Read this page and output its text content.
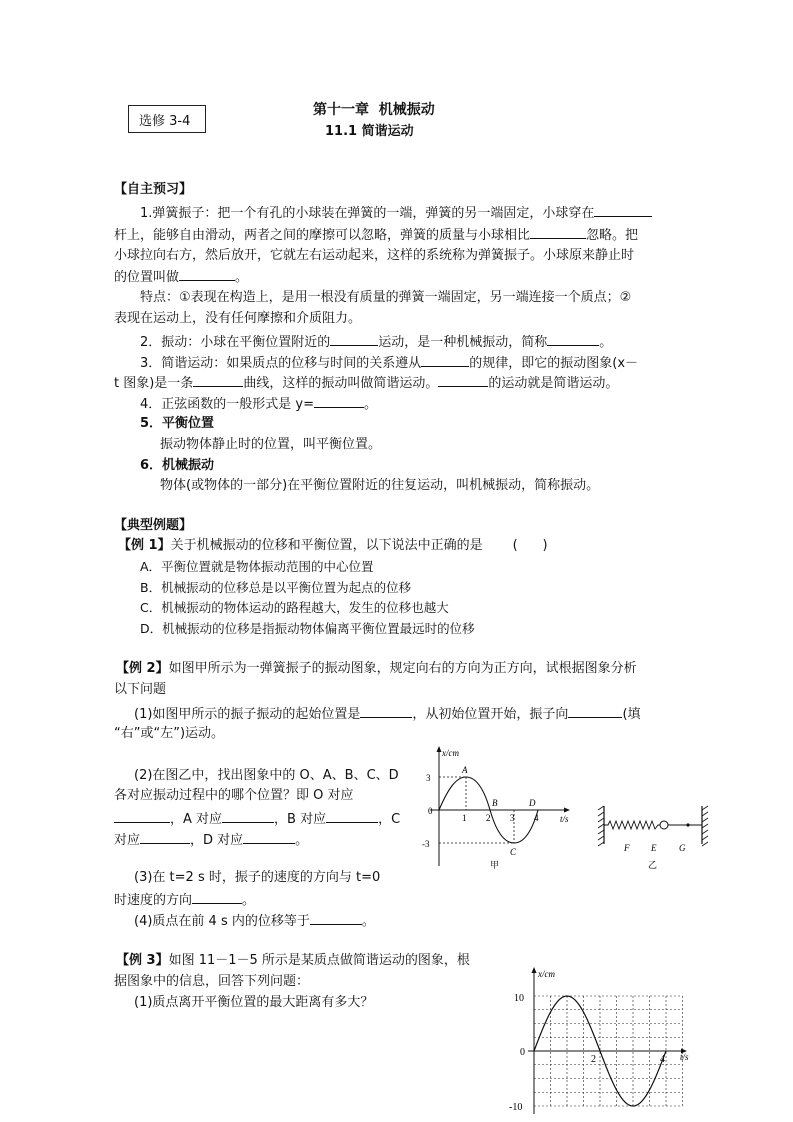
选修 3-4
第十一章  机械振动
11.1 简谐运动
【自主预习】
1.弹簧振子：把一个有孔的小球装在弹簧的一端，弹簧的另一端固定，小球穿在
杆上，能够自由滑动，两者之间的摩擦可以忽略，弹簧的质量与小球相比	忽略。把
小球拉向右方，然后放开，它就左右运动起来，这样的系统称为弹簧振子。小球原来静止时
的位置叫做	。
特点：①表现在构造上，是用一根没有质量的弹簧一端固定，另一端连接一个质点；②
表现在运动上，没有任何摩擦和介质阻力。
2．振动：小球在平衡位置附近的	运动，是一种机械振动，简称	。
3．简谐运动：如果质点的位移与时间的关系遵从	的规律，即它的振动图象(x－
t 图象)是一条	曲线，这样的振动叫做简谐运动。	的运动就是简谐运动。
4．正弦函数的一般形式是 y=	。
5．平衡位置
振动物体静止时的位置，叫平衡位置。
6．机械振动
物体(或物体的一部分)在平衡位置附近的往复运动，叫机械振动，简称振动。
【典型例题】
【例 1】关于机械振动的位移和平衡位置，以下说法中正确的是 (      )
A．平衡位置就是物体振动范围的中心位置
B．机械振动的位移总是以平衡位置为起点的位移
C．机械振动的物体运动的路程越大，发生的位移也越大
D．机械振动的位移是指振动物体偏离平衡位置最远时的位移
【例 2】如图甲所示为一弹簧振子的振动图象，规定向右的方向为正方向，试根据图象分析
以下问题
(1)如图甲所示的振子振动的起始位置是	，从初始位置开始，振子向	(填
“右”或“左”)运动。
(2)在图乙中，找出图象中的 O、A、B、C、D
各对应振动过程中的哪个位置？即 O 对应
，A 对应	，B 对应	，C
对应	，D 对应	。
(3)在 t=2 s 时，振子的速度的方向与 t=0
时速度的方向	。
(4)质点在前 4 s 内的位移等于	。
x/cm
t/s
3
0
-3
1 2 3 4
A
B
C
D
甲
F E	G
乙
【例 3】如图 11－1－5 所示是某质点做简谐运动的图象，根
据图象中的信息，回答下列问题：
(1)质点离开平衡位置的最大距离有多大？
x/cm
t/s
10
0
-10
2	4
